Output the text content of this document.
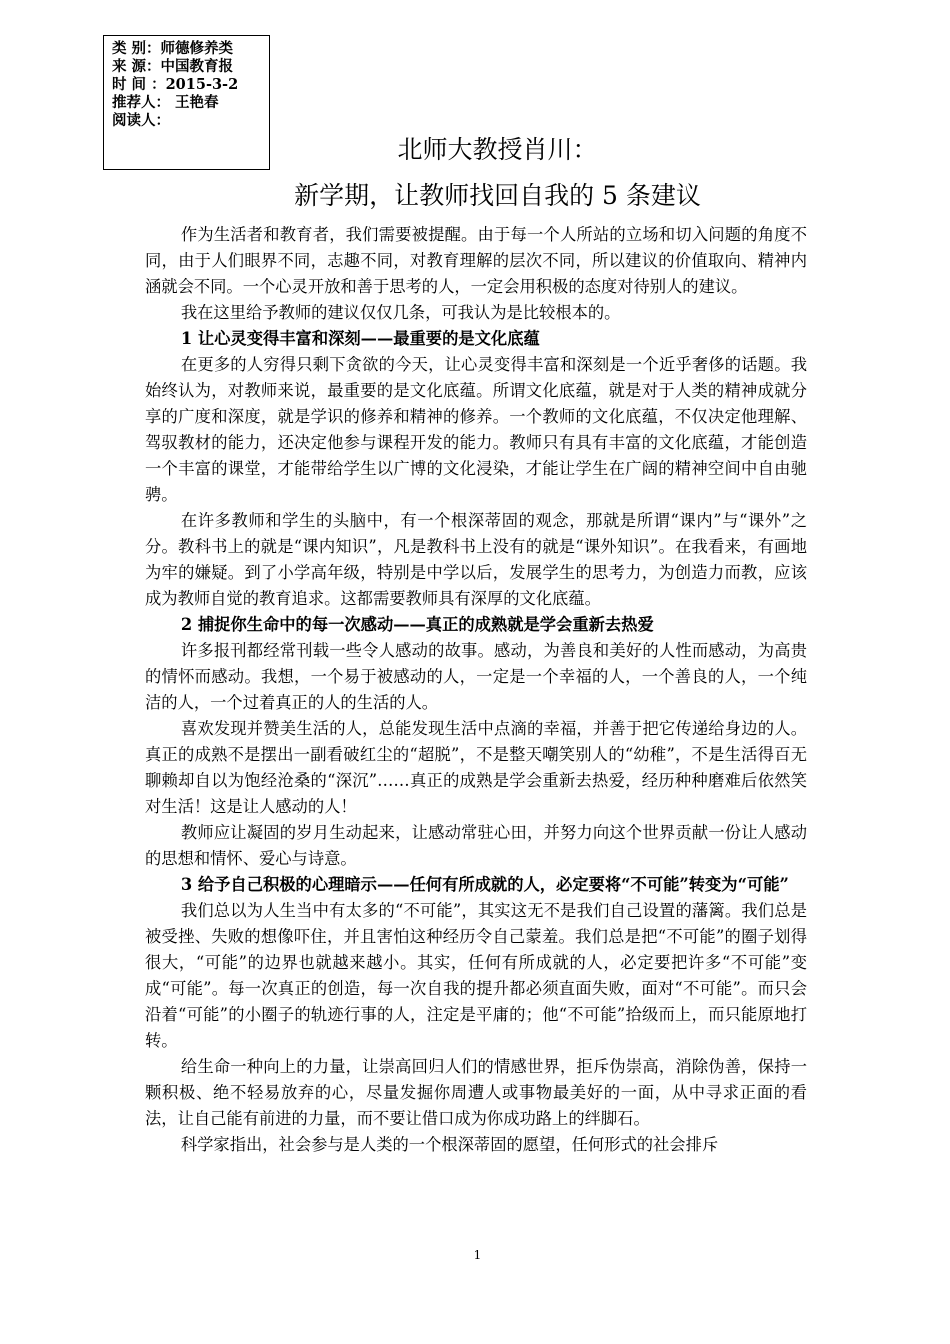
类 别：师德修养类
来 源：中国教育报
时 间 ：2015-3-2
推荐人： 王艳春
阅读人：
北师大教授肖川：
新学期，让教师找回自我的 5 条建议

作为生活者和教育者，我们需要被提醒。由于每一个人所站的立场和切入问题的角度不同，由于人们眼界不同，志趣不同，对教育理解的层次不同，所以建议的价值取向、精神内涵就会不同。一个心灵开放和善于思考的人，一定会用积极的态度对待别人的建议。

我在这里给予教师的建议仅仅几条，可我认为是比较根本的。

1 让心灵变得丰富和深刻——最重要的是文化底蕴

在更多的人穷得只剩下贪欲的今天，让心灵变得丰富和深刻是一个近乎奢侈的话题。我始终认为，对教师来说，最重要的是文化底蕴。所谓文化底蕴，就是对于人类的精神成就分享的广度和深度，就是学识的修养和精神的修养。一个教师的文化底蕴，不仅决定他理解、驾驭教材的能力，还决定他参与课程开发的能力。教师只有具有丰富的文化底蕴，才能创造一个丰富的课堂，才能带给学生以广博的文化浸染，才能让学生在广阔的精神空间中自由驰骋。

在许多教师和学生的头脑中，有一个根深蒂固的观念，那就是所谓“课内”与“课外”之分。教科书上的就是“课内知识”，凡是教科书上没有的就是“课外知识”。在我看来，有画地为牢的嫌疑。到了小学高年级，特别是中学以后，发展学生的思考力，为创造力而教，应该成为教师自觉的教育追求。这都需要教师具有深厚的文化底蕴。

2 捕捉你生命中的每一次感动——真正的成熟就是学会重新去热爱

许多报刊都经常刊载一些令人感动的故事。感动，为善良和美好的人性而感动，为高贵的情怀而感动。我想，一个易于被感动的人，一定是一个幸福的人，一个善良的人，一个纯洁的人，一个过着真正的人的生活的人。

喜欢发现并赞美生活的人，总能发现生活中点滴的幸福，并善于把它传递给身边的人。真正的成熟不是摆出一副看破红尘的“超脱”，不是整天嘲笑别人的“幼稚”，不是生活得百无聊赖却自以为饱经沧桑的“深沉”……真正的成熟是学会重新去热爱，经历种种磨难后依然笑对生活！这是让人感动的人！

教师应让凝固的岁月生动起来，让感动常驻心田，并努力向这个世界贡献一份让人感动的思想和情怀、爱心与诗意。

3 给予自己积极的心理暗示——任何有所成就的人，必定要将“不可能”转变为“可能”

我们总以为人生当中有太多的“不可能”，其实这无不是我们自己设置的藩篱。我们总是被受挫、失败的想像吓住，并且害怕这种经历令自己蒙羞。我们总是把“不可能”的圈子划得很大，“可能”的边界也就越来越小。其实，任何有所成就的人，必定要把许多“不可能”变成“可能”。每一次真正的创造，每一次自我的提升都必须直面失败，面对“不可能”。而只会沿着“可能”的小圈子的轨迹行事的人，注定是平庸的；他“不可能”拾级而上，而只能原地打转。

给生命一种向上的力量，让崇高回归人们的情感世界，拒斥伪崇高，消除伪善，保持一颗积极、绝不轻易放弃的心，尽量发掘你周遭人或事物最美好的一面，从中寻求正面的看法，让自己能有前进的力量，而不要让借口成为你成功路上的绊脚石。

科学家指出，社会参与是人类的一个根深蒂固的愿望，任何形式的社会排斥

1
